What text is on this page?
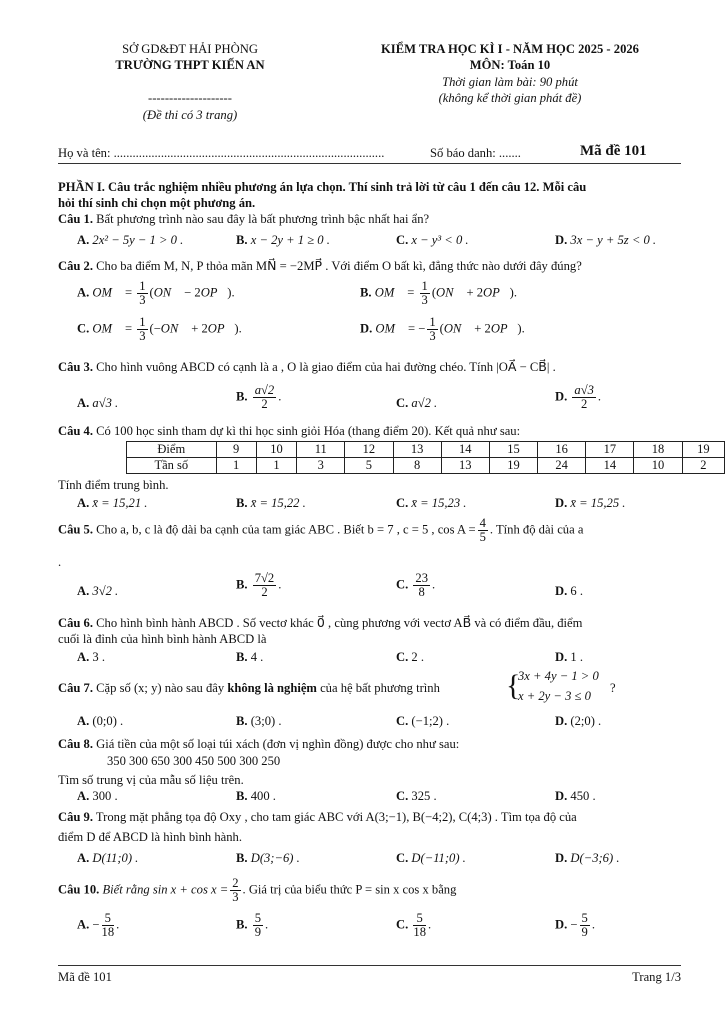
SỞ GD&ĐT HẢI PHÒNG
TRƯỜNG THPT KIẾN AN
--------------------
(Đề thi có 3 trang)
KIỂM TRA HỌC KÌ I - NĂM HỌC 2025 - 2026
MÔN: Toán 10
Thời gian làm bài: 90 phút
(không kể thời gian phát đề)
Họ và tên: ......................................................................................	Số báo danh: .......	Mã đề 101
PHẦN I. Câu trắc nghiệm nhiều phương án lựa chọn. Thí sinh trả lời từ câu 1 đến câu 12. Mỗi câu
hỏi thí sinh chỉ chọn một phương án.
Câu 1. Bất phương trình nào sau đây là bất phương trình bậc nhất hai ẩn?
A. 2x² − 5y − 1 > 0 .	B. x − 2y + 1 ≥ 0 .	C. x − y³ < 0 .	D. 3x − y + 5z < 0 .
Câu 2. Cho ba điểm M, N, P thỏa mãn MN⃗ = −2MP⃗ . Với điểm O bất kì, đẳng thức nào dưới đây đúng?
A. OM⃗ = $\frac{1}{3}$ (ON⃗ − 2OP⃗).	B. OM⃗ = $\frac{1}{3}$ (ON⃗ + 2OP⃗).
C. OM⃗ = $\frac{1}{3}$ (−ON⃗ + 2OP⃗).	D. OM⃗ = − $\frac{1}{3}$ (ON⃗ + 2OP⃗).
Câu 3. Cho hình vuông ABCD có cạnh là a , O là giao điểm của hai đường chéo. Tính |OA⃗ − CB⃗| .
A. a√3 .	B. $\frac{a√2}{2}$ .	C. a√2 .	D. $\frac{a√3}{2}$ .
Câu 4. Có 100 học sinh tham dự kì thi học sinh giỏi Hóa (thang điểm 20). Kết quả như sau:
Điểm	9	10	11	12	13	14	15	16	17	18	19
Tần số	1	1	3	5	8	13	19	24	14	10	2
Tính điểm trung bình.
A. x̄ = 15,21 .	B. x̄ = 15,22 .	C. x̄ = 15,23 .	D. x̄ = 15,25 .
Câu 5. Cho a, b, c là độ dài ba cạnh của tam giác ABC . Biết b = 7 , c = 5 , $\cos A = \frac{4}{5}$ . Tính độ dài của a
.
A. 3√2 .	B. $\frac{7√2}{2}$ .	C. $\frac{23}{8}$ .	D. 6 .
Câu 6. Cho hình bình hành ABCD . Số vectơ khác 0⃗ , cùng phương với vectơ AB⃗ và có điểm đầu, điểm
cuối là đỉnh của hình bình hành ABCD là
A. 3 .	B. 4 .	C. 2 .	D. 1 .
Câu 7. Cặp số (x; y) nào sau đây không là nghiệm của hệ bất phương trình {
3x + 4y − 1 > 0
x + 2y − 3 ≤ 0
?
A. (0;0) .	B. (3;0) .	C. (−1;2) .	D. (2;0) .
Câu 8. Giá tiền của một số loại túi xách (đơn vị nghìn đồng) được cho như sau:
350 300 650 300 450 500 300 250
Tìm số trung vị của mẫu số liệu trên.
A. 300 .	B. 400 .	C. 325 .	D. 450 .
Câu 9. Trong mặt phẳng tọa độ Oxy , cho tam giác ABC với A(3;−1), B(−4;2), C(4;3) . Tìm tọa độ của
điểm D để ABCD là hình bình hành.
A. D(11;0) .	B. D(3;−6) .	C. D(−11;0) .	D. D(−3;6) .
Câu 10. Biết rằng $\sin x + \cos x = \frac{2}{3}$ . Giá trị của biểu thức P = sin x cos x bằng
A. − $\frac{5}{18}$ .	B. $\frac{5}{9}$ .	C. $\frac{5}{18}$ .	D. − $\frac{5}{9}$ .
Mã đề 101	Trang 1/3
